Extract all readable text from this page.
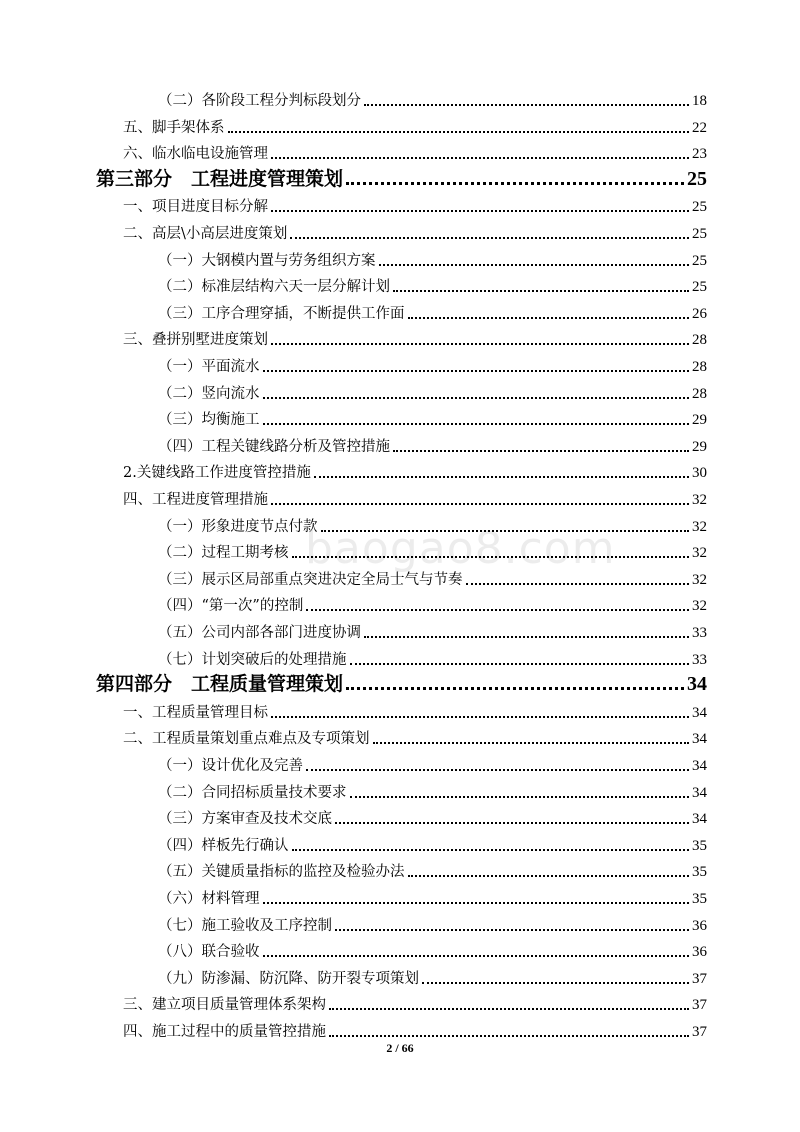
（二）各阶段工程分判标段划分	18
五、脚手架体系	22
六、临水临电设施管理	23
第三部分　工程进度管理策划	25
一、项目进度目标分解	25
二、高层\小高层进度策划	25
（一）大钢模内置与劳务组织方案	25
（二）标准层结构六天一层分解计划	25
（三）工序合理穿插，不断提供工作面	26
三、叠拼别墅进度策划	28
（一）平面流水	28
（二）竖向流水	28
（三）均衡施工	29
（四）工程关键线路分析及管控措施	29
2.关键线路工作进度管控措施	30
四、工程进度管理措施	32
（一）形象进度节点付款	32
（二）过程工期考核	32
（三）展示区局部重点突进决定全局士气与节奏	32
（四）“第一次”的控制	32
（五）公司内部各部门进度协调	33
（七）计划突破后的处理措施	33
第四部分　工程质量管理策划	34
一、工程质量管理目标	34
二、工程质量策划重点难点及专项策划	34
（一）设计优化及完善	34
（二）合同招标质量技术要求	34
（三）方案审查及技术交底	34
（四）样板先行确认	35
（五）关键质量指标的监控及检验办法	35
（六）材料管理	35
（七）施工验收及工序控制	36
（八）联合验收	36
（九）防渗漏、防沉降、防开裂专项策划	37
三、建立项目质量管理体系架构	37
四、施工过程中的质量管控措施	37
baogao8.com
2 / 66
